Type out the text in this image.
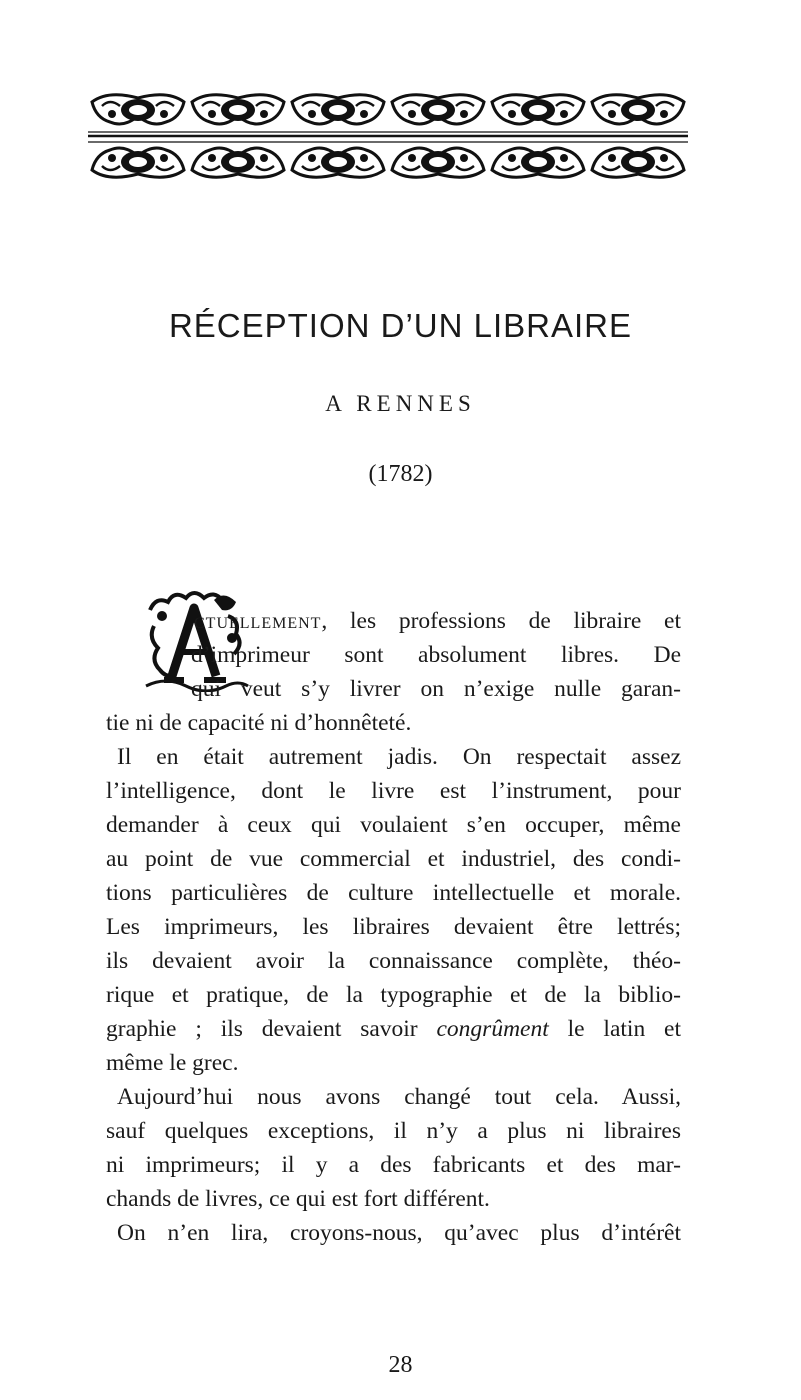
RÉCEPTION D’UN LIBRAIRE
A RENNES
(1782)
ctuellement, les professions de libraire et
d’imprimeur sont absolument libres. De
qui veut s’y livrer on n’exige nulle garan-
tie ni de capacité ni d’honnêteté.
Il en était autrement jadis. On respectait assez
l’intelligence, dont le livre est l’instrument, pour
demander à ceux qui voulaient s’en occuper, même
au point de vue commercial et industriel, des condi-
tions particulières de culture intellectuelle et morale.
Les imprimeurs, les libraires devaient être lettrés;
ils devaient avoir la connaissance complète, théo-
rique et pratique, de la typographie et de la biblio-
graphie ; ils devaient savoir congrûment le latin et
même le grec.
Aujourd’hui nous avons changé tout cela. Aussi,
sauf quelques exceptions, il n’y a plus ni libraires
ni imprimeurs; il y a des fabricants et des mar-
chands de livres, ce qui est fort différent.
On n’en lira, croyons-nous, qu’avec plus d’intérêt
28
